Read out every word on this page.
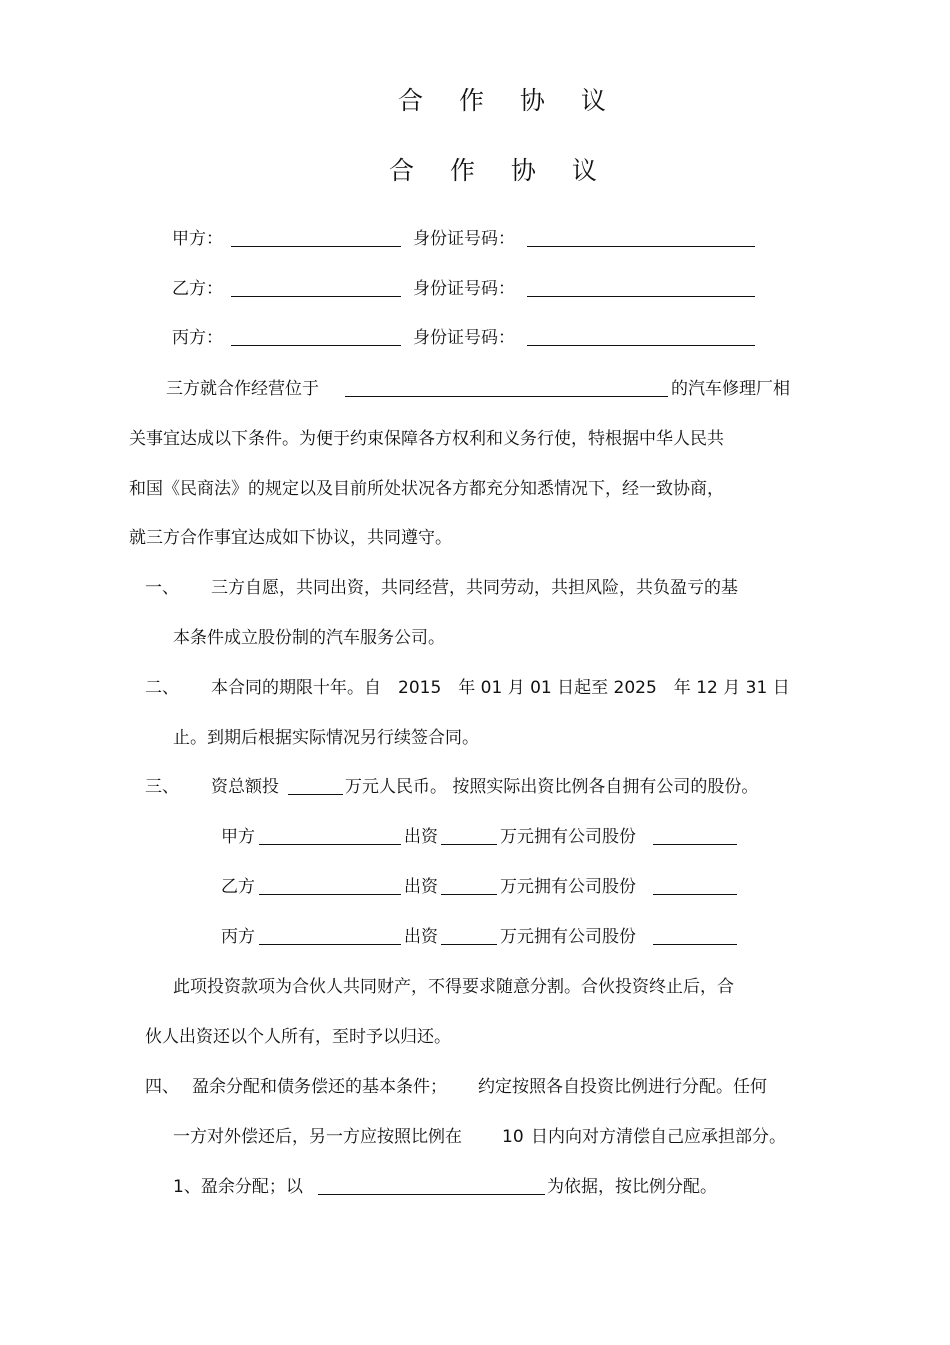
合 作 协 议
合 作 协 议
甲方：	身份证号码：
乙方：	身份证号码：
丙方：	身份证号码：
三方就合作经营位于	的汽车修理厂相
关事宜达成以下条件。为便于约束保障各方权利和义务行使，特根据中华人民共
和国《民商法》的规定以及目前所处状况各方都充分知悉情况下，经一致协商，
就三方合作事宜达成如下协议，共同遵守。
一、 三方自愿，共同出资，共同经营，共同劳动，共担风险，共负盈亏的基
本条件成立股份制的汽车服务公司。
二、 本合同的期限十年。自　2015　年 01 月 01 日起至 2025　年 12 月 31 日
止。到期后根据实际情况另行续签合同。
三、 资总额投	万元人民币。 按照实际出资比例各自拥有公司的股份。
甲方	出资	万元拥有公司股份
乙方	出资	万元拥有公司股份
丙方	出资	万元拥有公司股份
此项投资款项为合伙人共同财产，不得要求随意分割。合伙投资终止后，合
伙人出资还以个人所有，至时予以归还。
四、 盈余分配和债务偿还的基本条件； 约定按照各自投资比例进行分配。任何
一方对外偿还后，另一方应按照比例在 10 日内向对方清偿自己应承担部分。
1、盈余分配；以	为依据，按比例分配。
